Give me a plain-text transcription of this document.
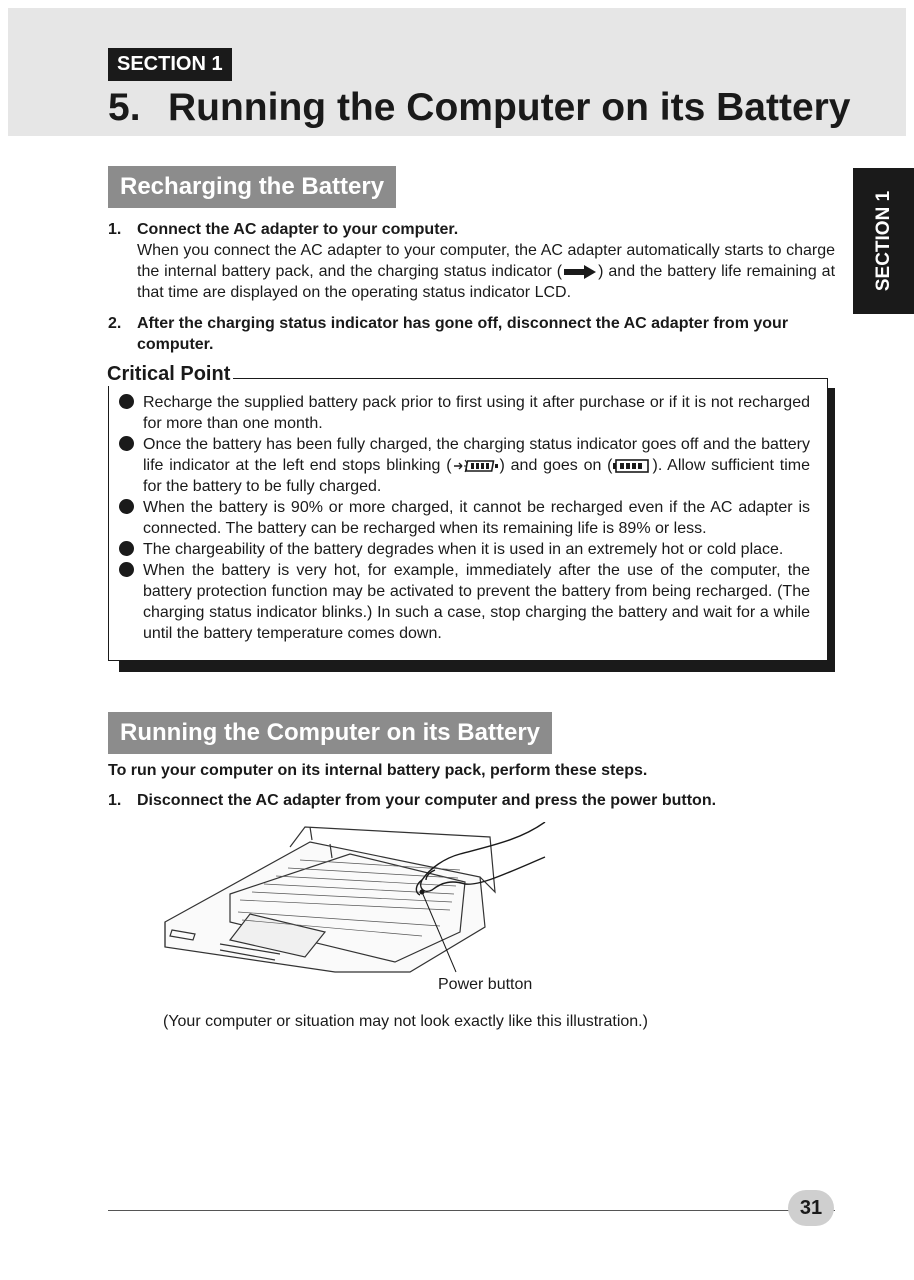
SECTION 1
5. Running the Computer on its Battery
SECTION 1
Recharging the Battery
1. Connect the AC adapter to your computer.
When you connect the AC adapter to your computer, the AC adapter automatically starts to charge the internal battery pack, and the charging status indicator ( ) and the battery life remaining at that time are displayed on the operating status indicator LCD.
2. After the charging status indicator has gone off, disconnect the AC adapter from your computer.
Critical Point
Recharge the supplied battery pack prior to first using it after purchase or if it is not recharged for more than one month.
Once the battery has been fully charged, the charging status indicator goes off and the battery life indicator at the left end stops blinking (	) and goes on (	). Allow sufficient time for the battery to be fully charged.
When the battery is 90% or more charged, it cannot be recharged even if the AC adapter is connected. The battery can be recharged when its remaining life is 89% or less.
The chargeability of the battery degrades when it is used in an extremely hot or cold place.
When the battery is very hot, for example, immediately after the use of the computer, the battery protection function may be activated to prevent the battery from being recharged. (The charging status indicator blinks.) In such a case, stop charging the battery and wait for a while until the battery temperature comes down.
Running the Computer on its Battery
To run your computer on its internal battery pack, perform these steps.
1. Disconnect the AC adapter from your computer and press the power button.
Power button
(Your computer or situation may not look exactly like this illustration.)
31
